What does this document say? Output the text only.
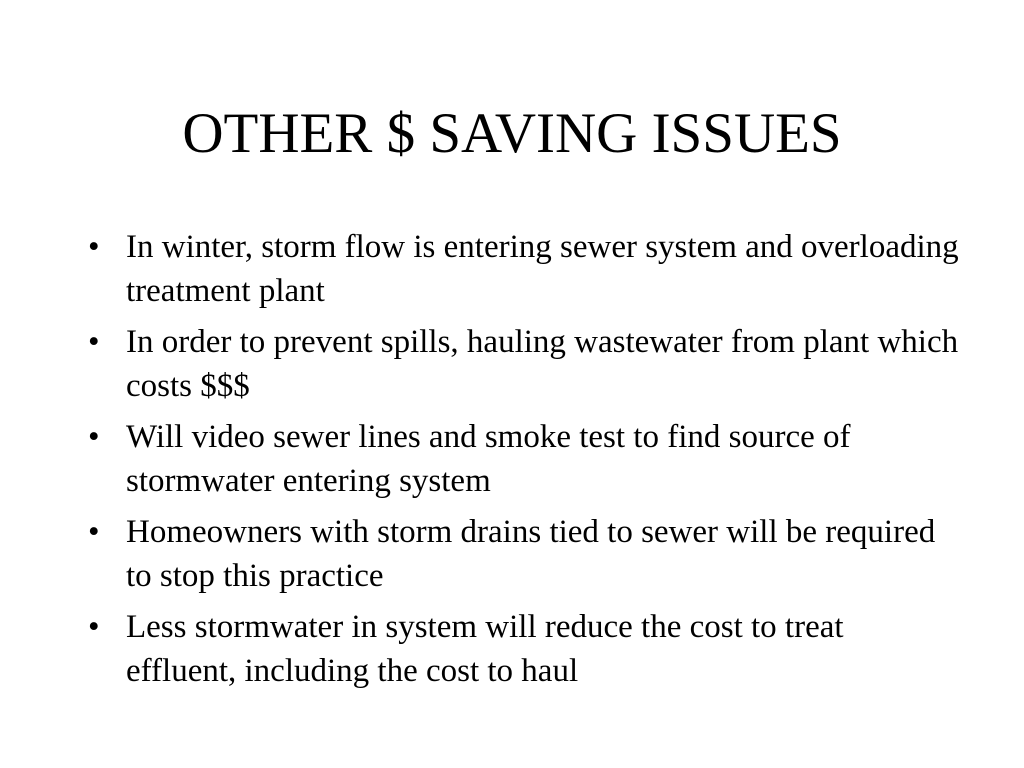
OTHER $ SAVING ISSUES
• In winter, storm flow is entering sewer system and overloading treatment plant
• In order to prevent spills, hauling wastewater from plant which costs $$$
• Will video sewer lines and smoke test to find source of stormwater entering system
• Homeowners with storm drains tied to sewer will be required to stop this practice
• Less stormwater in system will reduce the cost to treat effluent, including the cost to haul
